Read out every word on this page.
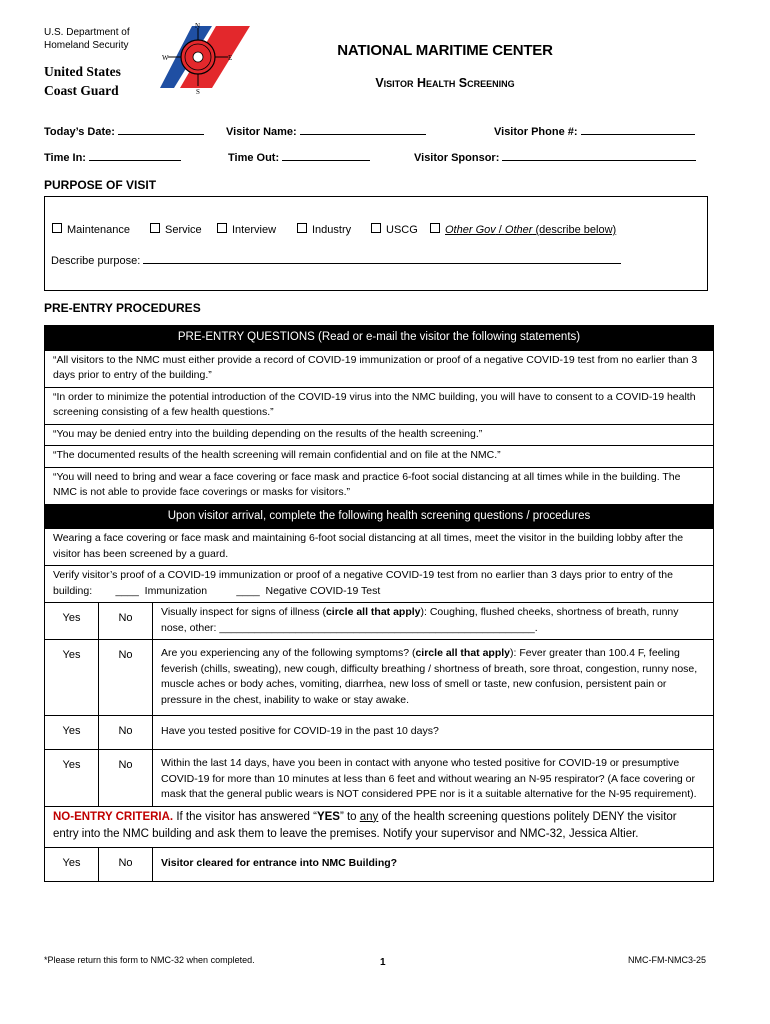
U.S. Department of
Homeland Security
United States
Coast Guard
N
E
S
W	NATIONAL MARITIME CENTER
Visitor Health Screening
Today’s Date:	Visitor Name:	Visitor Phone #:
Time In:	Time Out:	Visitor Sponsor:
PURPOSE OF VISIT
Maintenance	Service	Interview	Industry	USCG	Other Gov / Other (describe below)
Describe purpose:
PRE-ENTRY PROCEDURES
PRE-ENTRY QUESTIONS (Read or e-mail the visitor the following statements)		
“All visitors to the NMC must either provide a record of COVID-19 immunization or proof of a negative COVID-19 test from no earlier than 3 days prior to entry of the building.”		
“In order to minimize the potential introduction of the COVID-19 virus into the NMC building, you will have to consent to a COVID-19 health screening consisting of a few health questions.”		
“You may be denied entry into the building depending on the results of the health screening.”		
“The documented results of the health screening will remain confidential and on file at the NMC.”		
“You will need to bring and wear a face covering or face mask and practice 6-foot social distancing at all times while in the building. The NMC is not able to provide face coverings or masks for visitors.”		
Upon visitor arrival, complete the following health screening questions / procedures		
Wearing a face covering or face mask and maintaining 6-foot social distancing at all times, meet the visitor in the building lobby after the visitor has been screened by a guard.		
Verify visitor’s proof of a COVID-19 immunization or proof of a negative COVID-19 test from no earlier than 3 days prior to entry of the building: ____ Immunization ____ Negative COVID-19 Test		
Yes	No	Visually inspect for signs of illness (circle all that apply): Coughing, flushed cheeks, shortness of breath, runny nose, other: ______________________________________________________.
Yes	No	Are you experiencing any of the following symptoms? (circle all that apply): Fever greater than 100.4 F, feeling feverish (chills, sweating), new cough, difficulty breathing / shortness of breath, sore throat, congestion, runny nose, muscle aches or body aches, vomiting, diarrhea, new loss of smell or taste, new confusion, persistent pain or pressure in the chest, inability to wake or stay awake.
Yes	No	Have you tested positive for COVID-19 in the past 10 days?
Yes	No	Within the last 14 days, have you been in contact with anyone who tested positive for COVID-19 or presumptive COVID-19 for more than 10 minutes at less than 6 feet and without wearing an N-95 respirator? (A face covering or mask that the general public wears is NOT considered PPE nor is it a suitable alternative for the N-95 requirement).
NO-ENTRY CRITERIA. If the visitor has answered “YES” to any of the health screening questions politely DENY the visitor entry into the NMC building and ask them to leave the premises. Notify your supervisor and NMC-32, Jessica Altier.		
Yes	No	Visitor cleared for entrance into NMC Building?
*Please return this form to NMC-32 when completed.	1	NMC-FM-NMC3-25
